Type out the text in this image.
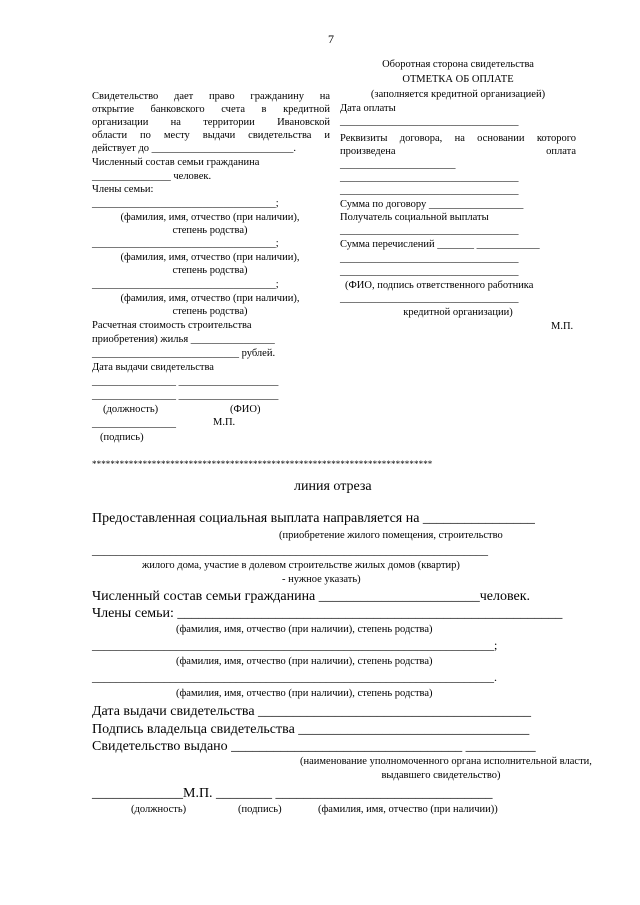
7
Оборотная сторона свидетельства
ОТМЕТКА ОБ ОПЛАТЕ
(заполняется кредитной организацией)
Дата оплаты
__________________________________
Реквизиты договора, на основании которого
произведена	оплата
______________________
__________________________________
__________________________________
Сумма по договору __________________
Получатель социальной выплаты
__________________________________
Сумма перечислений _______ ____________
__________________________________
__________________________________
(ФИО, подпись ответственного работника
__________________________________
кредитной организации)
М.П.
Свидетельство дает право гражданину на
открытие банковского счета в кредитной
организации на территории Ивановской
области по месту выдачи свидетельства и
действует до ___________________________.
Численный состав семьи гражданина
_______________ человек.
Члены семьи:
___________________________________;
(фамилия, имя, отчество (при наличии),
степень родства)
___________________________________;
(фамилия, имя, отчество (при наличии),
степень родства)
___________________________________;
(фамилия, имя, отчество (при наличии),
степень родства)
Расчетная стоимость строительства
приобретения) жилья ________________
____________________________ рублей.
Дата выдачи свидетельства
________________ ___________________
________________ ___________________
(должность)	(ФИО)
________________	М.П.
(подпись)
**************************************************************************
линия отреза
Предоставленная социальная выплата направляется на ________________
(приобретение жилого помещения, строительство
__________________________________________________________________
жилого дома, участие в долевом строительстве жилых домов (квартир)
- нужное указать)
Численный состав семьи гражданина _______________________человек.
Члены семьи: _______________________________________________________
(фамилия, имя, отчество (при наличии), степень родства)
___________________________________________________________________;
(фамилия, имя, отчество (при наличии), степень родства)
___________________________________________________________________.
(фамилия, имя, отчество (при наличии), степень родства)
Дата выдачи свидетельства _______________________________________
Подпись владельца свидетельства _________________________________
Свидетельство выдано _________________________________ __________
(наименование уполномоченного органа исполнительной власти,
выдавшего свидетельство)
_____________М.П. ________ _______________________________
(должность)	(подпись)	(фамилия, имя, отчество (при наличии))
